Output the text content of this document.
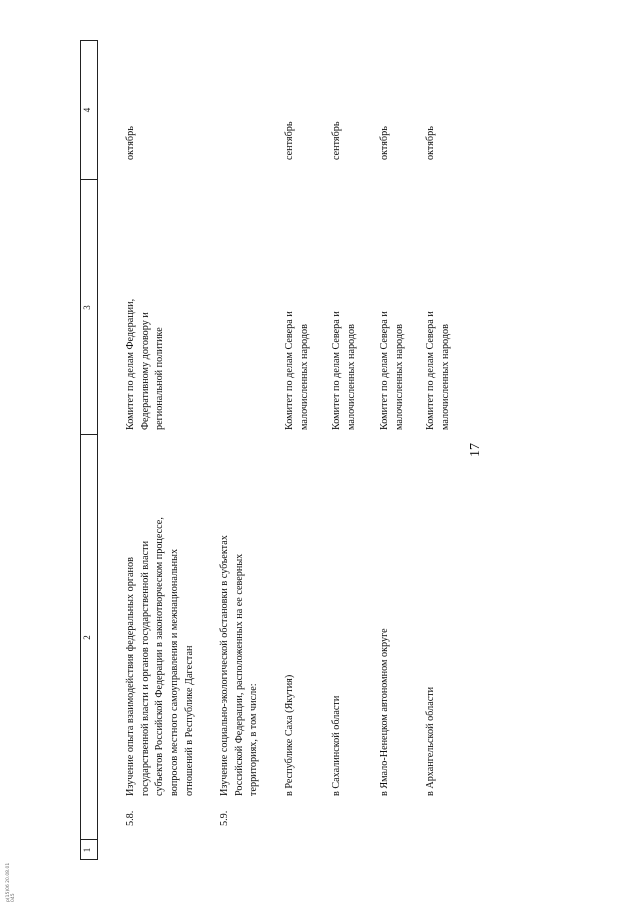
17
1
2
3
4
5.8.
Изучение опыта взаимодействия федеральных органов государственной власти и органов государственной власти субъектов Российской Федерации в законотворческом процессе, вопросов местного самоуправления и межнациональных отношений в Республике Дагестан
Комитет по делам Федерации, Федеративному договору и региональной политике
октябрь
5.9.
Изучение социально-экологической обстановки в субъектах Российской Федерации, расположенных на ее северных территориях, в том числе: в Республике Саха (Якутия)
Комитет по делам Севера и малочисленных народов
сентябрь
в Сахалинской области
Комитет по делам Севера и малочисленных народов
сентябрь
в Ямало-Ненецком автономном округе
Комитет по делам Севера и малочисленных народов
октябрь
в Архангельской области
Комитет по делам Севера и малочисленных народов
октябрь
р(15)0б 20.08.01 045
